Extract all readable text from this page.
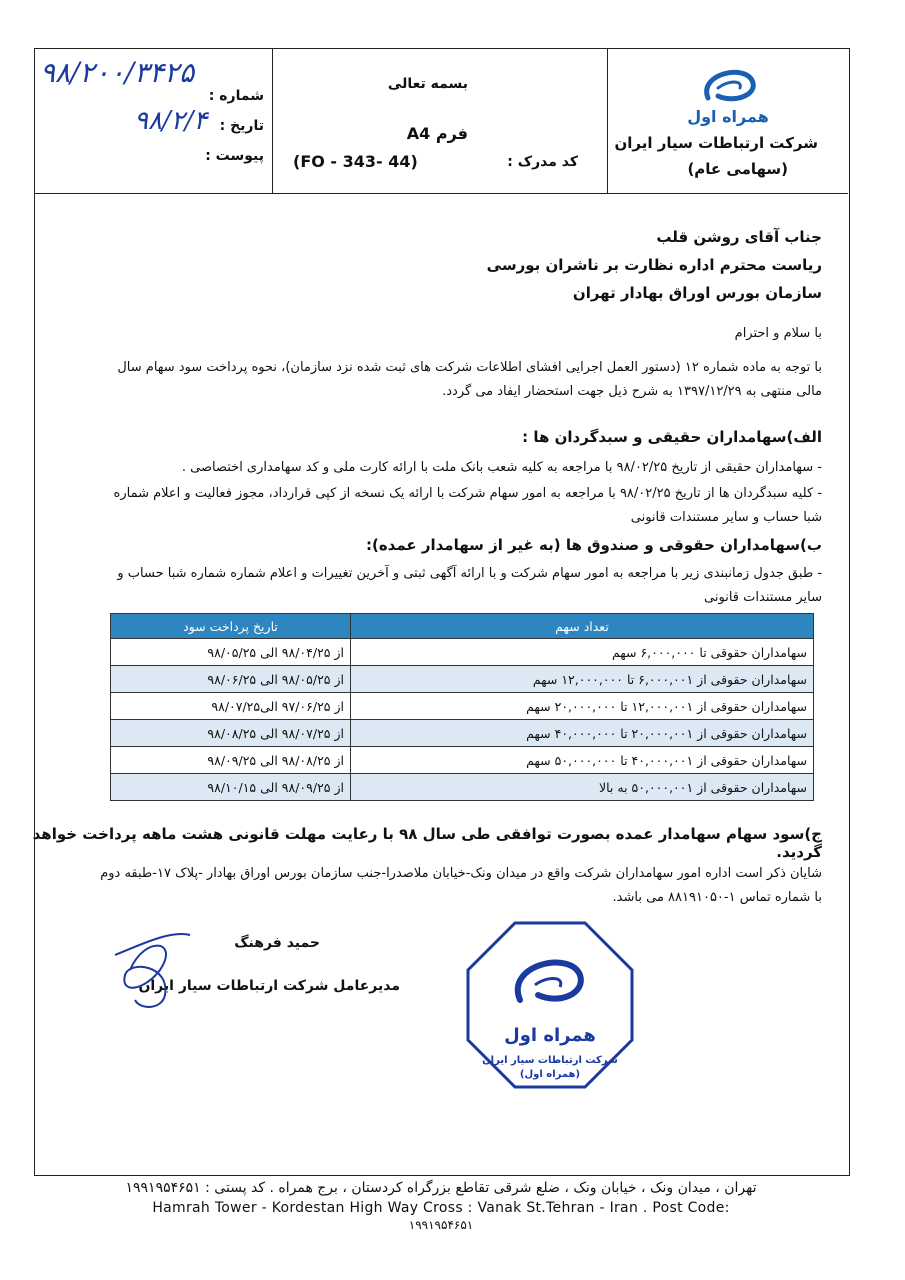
همراه اول
شرکت ارتباطات سیار ایران
(سهامی عام)
بسمه تعالی
فرم A4
کد مدرک :
(FO - 343- 44)
شماره :
تاریخ :
پیوست :
۹۸/۲۰۰/۳۴۲۵
۹۸/۲/۴
جناب آقای روشن قلب
ریاست محترم اداره نظارت بر ناشران بورسی
سازمان بورس اوراق بهادار تهران
با سلام و احترام
با توجه به ماده شماره ۱۲ (دستور العمل اجرایی افشای اطلاعات شرکت های ثبت شده نزد سازمان)، نحوه پرداخت سود سهام سال مالی منتهی به ۱۳۹۷/۱۲/۲۹ به شرح ذیل جهت استحضار ایفاد می گردد.
الف)سهامداران حقیقی و سبدگردان ها :
- سهامداران حقیقی از تاریخ ۹۸/۰۲/۲۵ با مراجعه به کلیه شعب بانک ملت با ارائه کارت ملی و کد سهامداری اختصاصی .
- کلیه سبدگردان ها از تاریخ ۹۸/۰۲/۲۵ با مراجعه به امور سهام شرکت با ارائه یک نسخه از کپی قرارداد، مجوز فعالیت و اعلام شماره شبا حساب و سایر مستندات قانونی
ب)سهامداران حقوقی و صندوق ها (به غیر از سهامدار عمده):
- طبق جدول زمانبندی زیر با مراجعه به امور سهام شرکت و با ارائه آگهی ثبتی و آخرین تغییرات و اعلام شماره شماره شبا حساب و سایر مستندات قانونی
تعداد سهم	تاریخ پرداخت سود
سهامداران حقوقی تا ۶,۰۰۰,۰۰۰ سهم	از ۹۸/۰۴/۲۵ الی ۹۸/۰۵/۲۵
سهامداران حقوقی از ۶,۰۰۰,۰۰۱ تا ۱۲,۰۰۰,۰۰۰ سهم	از ۹۸/۰۵/۲۵ الی ۹۸/۰۶/۲۵
سهامداران حقوقی از ۱۲,۰۰۰,۰۰۱ تا ۲۰,۰۰۰,۰۰۰ سهم	از ۹۷/۰۶/۲۵ الی۹۸/۰۷/۲۵
سهامداران حقوقی از ۲۰,۰۰۰,۰۰۱ تا ۴۰,۰۰۰,۰۰۰ سهم	از ۹۸/۰۷/۲۵ الی ۹۸/۰۸/۲۵
سهامداران حقوقی از ۴۰,۰۰۰,۰۰۱ تا ۵۰,۰۰۰,۰۰۰ سهم	از ۹۸/۰۸/۲۵ الی ۹۸/۰۹/۲۵
سهامداران حقوقی از ۵۰,۰۰۰,۰۰۱ به بالا	از ۹۸/۰۹/۲۵ الی ۹۸/۱۰/۱۵
ج)سود سهام سهامدار عمده بصورت توافقی طی سال ۹۸ با رعایت مهلت قانونی هشت ماهه پرداخت خواهد گردید.
شایان ذکر است اداره امور سهامداران شرکت واقع در میدان ونک-خیابان ملاصدرا-جنب سازمان بورس اوراق بهادار -پلاک ۱۷-طبقه دوم با شماره تماس ۱-۸۸۱۹۱۰۵۰ می باشد.
حمید فرهنگ
مدیرعامل شرکت ارتباطات سیار ایران
همراه اول
شرکت ارتباطات سیار ایران
(همراه اول)
تهران ، میدان ونک ، خیابان ونک ، ضلع شرقی تقاطع بزرگراه کردستان ، برج همراه . کد پستی : ۱۹۹۱۹۵۴۶۵۱
Hamrah Tower - Kordestan High Way Cross : Vanak St.Tehran - Iran . Post Code:
۱۹۹۱۹۵۴۶۵۱
